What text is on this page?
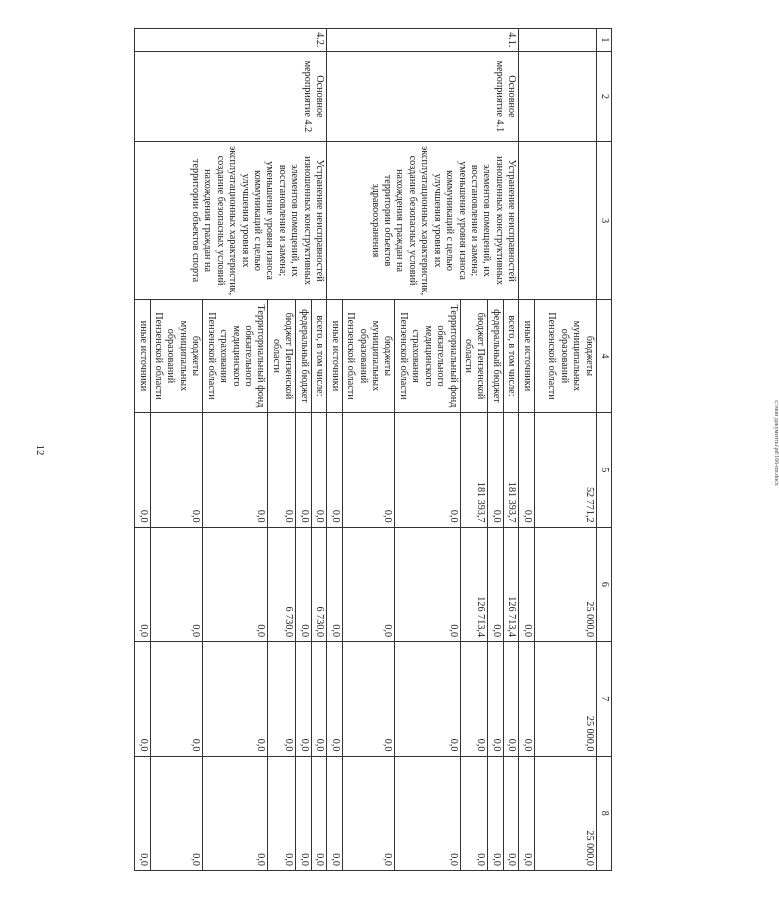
12	c:\мои документы\pd\166-пп.docx
1	2	3	4	5	6	7	8
			бюджеты муниципальных образований Пензенской области	52 771,2	25 000,0	25 000,0	25 000,0
			иные источники	0,0	0,0	0,0	0,0
4.1.	Основное мероприятие 4.1	Устранение неисправностей изношенных конструктивных элементов помещений, их восстановление и замена; уменьшение уровня износа коммуникаций с целью улучшения уровня их эксплуатационных характеристик, создание безопасных условий нахождения граждан на территории объектов здравоохранения	всего, в том числе:	181 393,7	126 713,4	0,0	0,0
			федеральный бюджет	0,0	0,0	0,0	0,0
			бюджет Пензенской области	181 393,7	126 713,4	0,0	0,0
			Территориальный фонд обязательного медицинского страхования Пензенской области	0,0	0,0	0,0	0,0
			бюджеты муниципальных образований Пензенской области	0,0	0,0	0,0	0,0
			иные источники	0,0	0,0	0,0	0,0
4.2.	Основное мероприятие 4.2	Устранение неисправностей изношенных конструктивных элементов помещений, их восстановление и замена; уменьшение уровня износа коммуникаций с целью улучшения уровня их эксплуатационных характеристик, создание безопасных условий нахождения граждан на территории объектов спорта	всего, в том числе:	0,0	6 730,0	0,0	0,0
			федеральный бюджет	0,0	0,0	0,0	0,0
			бюджет Пензенской области	0,0	6 730,0	0,0	0,0
			Территориальный фонд обязательного медицинского страхования Пензенской области	0,0	0,0	0,0	0,0
			бюджеты муниципальных образований Пензенской области	0,0	0,0	0,0	0,0
			иные источники	0,0	0,0	0,0	0,0
